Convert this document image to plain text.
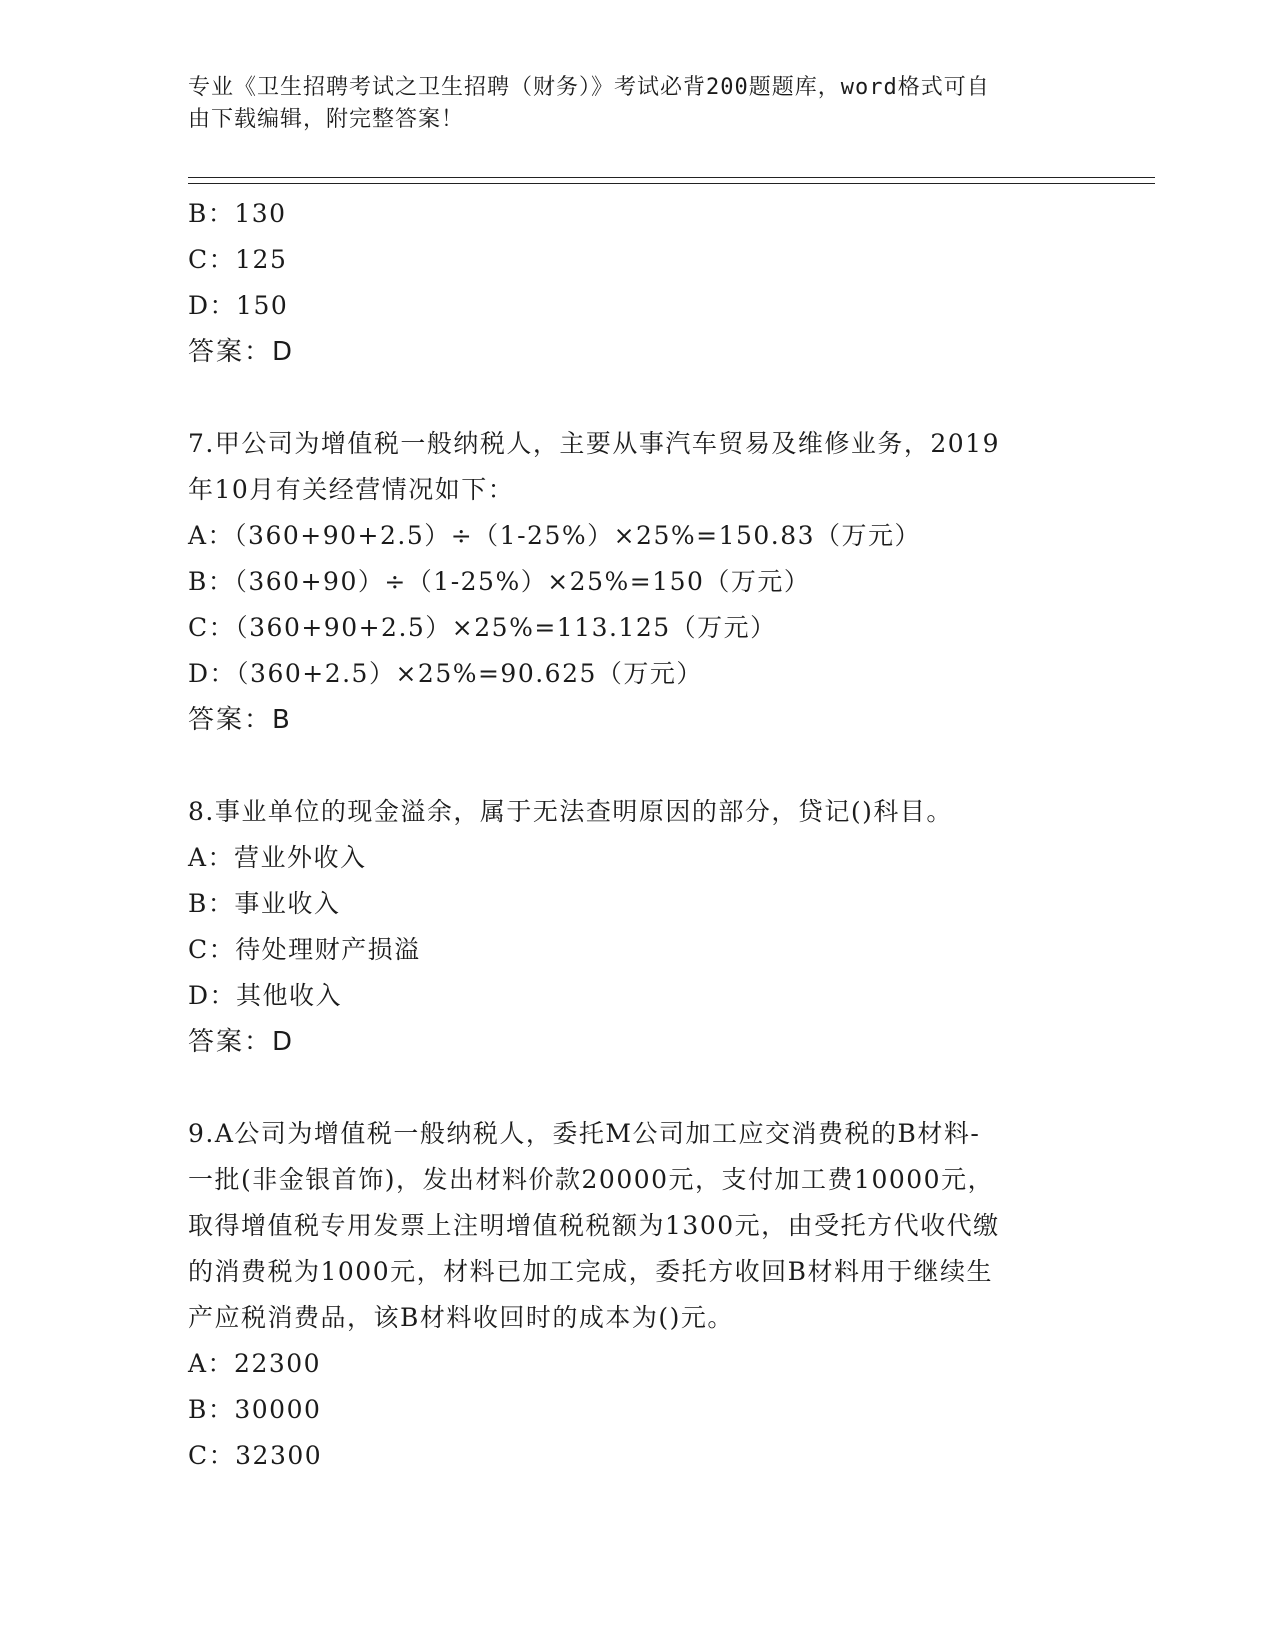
专业《卫生招聘考试之卫生招聘（财务）》考试必背200题题库，word格式可自
由下载编辑，附完整答案！
B：130
C：125
D：150
答案：D
7.甲公司为增值税一般纳税人，主要从事汽车贸易及维修业务，2019
年10月有关经营情况如下：
A：（360+90+2.5）÷（1-25%）×25%=150.83（万元）
B：（360+90）÷（1-25%）×25%=150（万元）
C：（360+90+2.5）×25%=113.125（万元）
D：（360+2.5）×25%=90.625（万元）
答案：B
8.事业单位的现金溢余，属于无法查明原因的部分，贷记()科目。
A：营业外收入
B：事业收入
C：待处理财产损溢
D：其他收入
答案：D
9.A公司为增值税一般纳税人，委托M公司加工应交消费税的B材料-
一批(非金银首饰)，发出材料价款20000元，支付加工费10000元，
取得增值税专用发票上注明增值税税额为1300元，由受托方代收代缴
的消费税为1000元，材料已加工完成，委托方收回B材料用于继续生
产应税消费品，该B材料收回时的成本为()元。
A：22300
B：30000
C：32300
